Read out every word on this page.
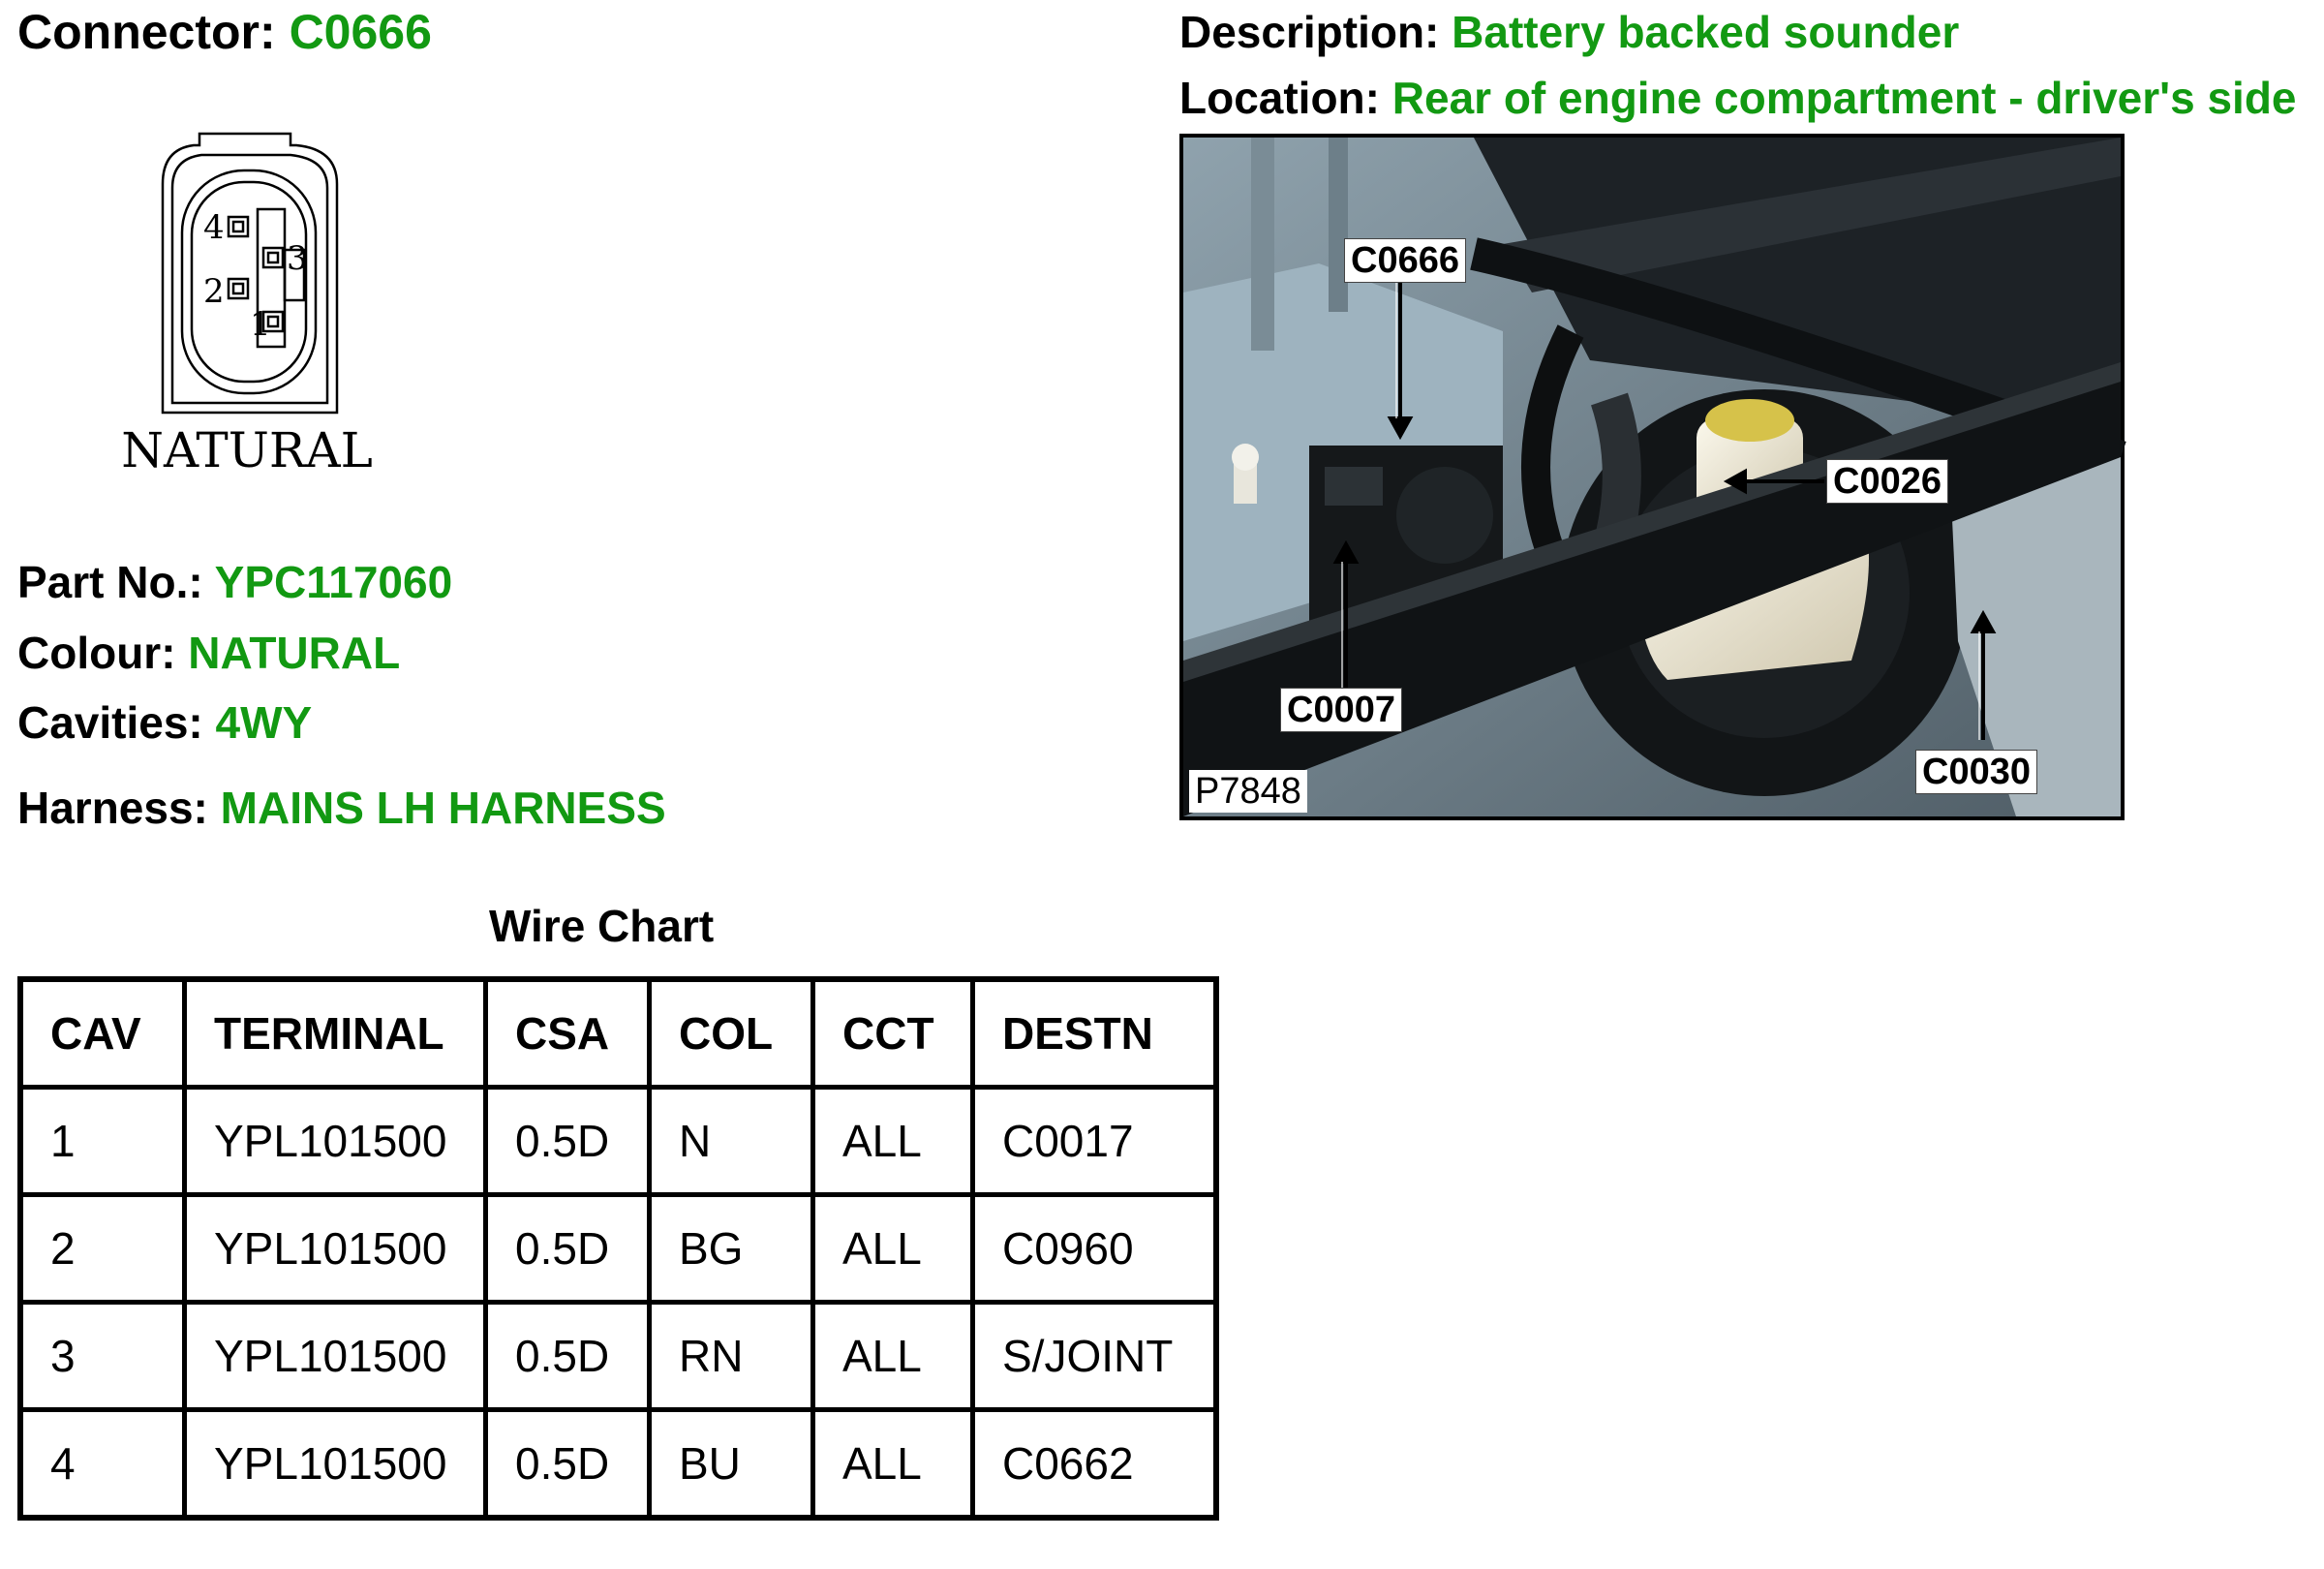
Connector: C0666	Description: Battery backed sounder
Location: Rear of engine compartment - driver's side
1
2
3
4
NATURAL
Part No.: YPC117060
Colour: NATURAL
Cavities: 4WY
Harness: MAINS LH HARNESS
Wire Chart
CAV	TERMINAL	CSA	COL	CCT	DESTN
1	YPL101500	0.5D	N	ALL	C0017
2	YPL101500	0.5D	BG	ALL	C0960
3	YPL101500	0.5D	RN	ALL	S/JOINT
4	YPL101500	0.5D	BU	ALL	C0662
C0666
C0026
C0007
C0030
P7848
